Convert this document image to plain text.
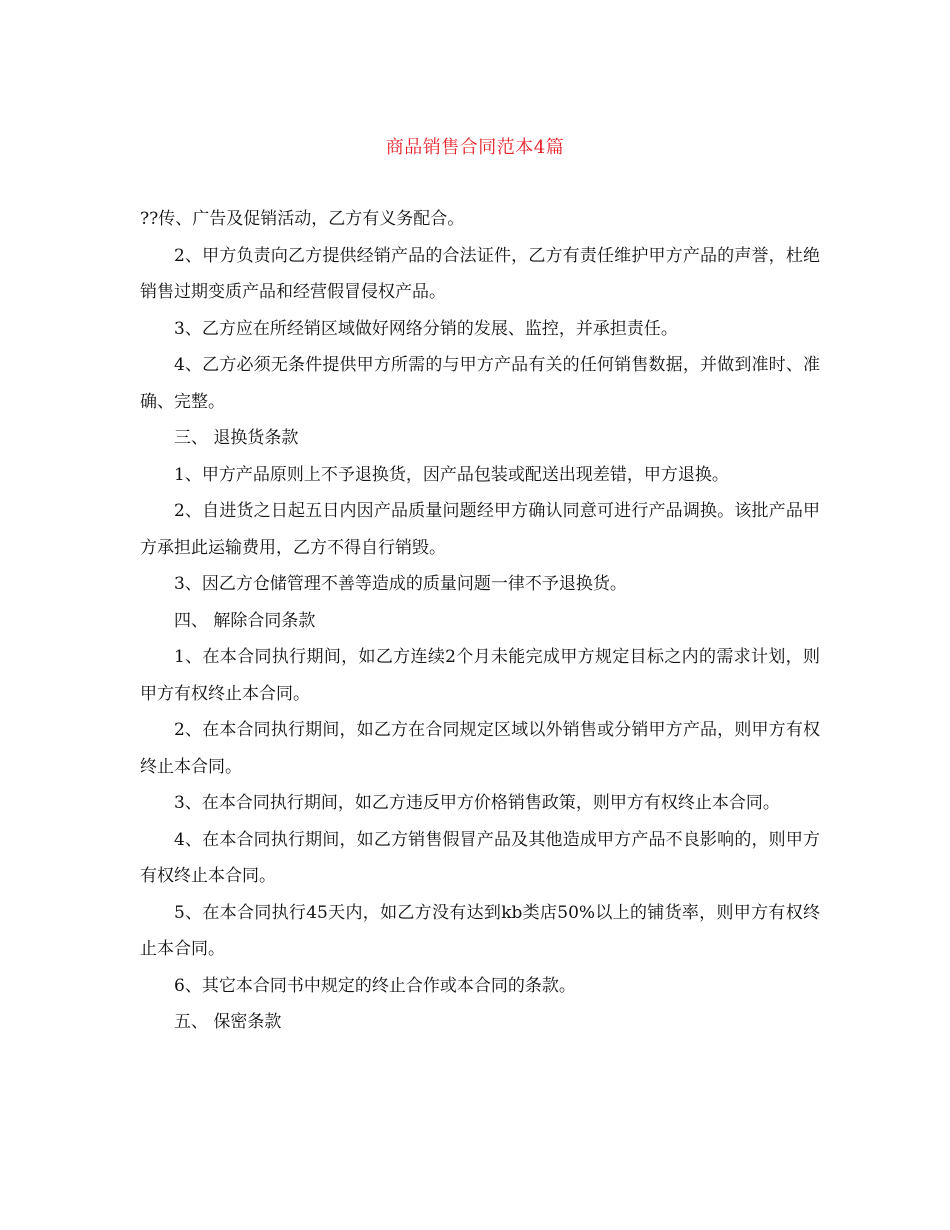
商品销售合同范本4篇

??传、广告及促销活动，乙方有义务配合。

2、甲方负责向乙方提供经销产品的合法证件，乙方有责任维护甲方产品的声誉，杜绝销售过期变质产品和经营假冒侵权产品。

3、乙方应在所经销区域做好网络分销的发展、监控，并承担责任。

4、乙方必须无条件提供甲方所需的与甲方产品有关的任何销售数据，并做到准时、准确、完整。

三、 退换货条款

1、甲方产品原则上不予退换货，因产品包装或配送出现差错，甲方退换。

2、自进货之日起五日内因产品质量问题经甲方确认同意可进行产品调换。该批产品甲方承担此运输费用，乙方不得自行销毁。

3、因乙方仓储管理不善等造成的质量问题一律不予退换货。

四、 解除合同条款

1、在本合同执行期间，如乙方连续2个月未能完成甲方规定目标之内的需求计划，则甲方有权终止本合同。

2、在本合同执行期间，如乙方在合同规定区域以外销售或分销甲方产品，则甲方有权终止本合同。

3、在本合同执行期间，如乙方违反甲方价格销售政策，则甲方有权终止本合同。

4、在本合同执行期间，如乙方销售假冒产品及其他造成甲方产品不良影响的，则甲方有权终止本合同。

5、在本合同执行45天内，如乙方没有达到kb类店50%以上的铺货率，则甲方有权终止本合同。

6、其它本合同书中规定的终止合作或本合同的条款。

五、 保密条款
